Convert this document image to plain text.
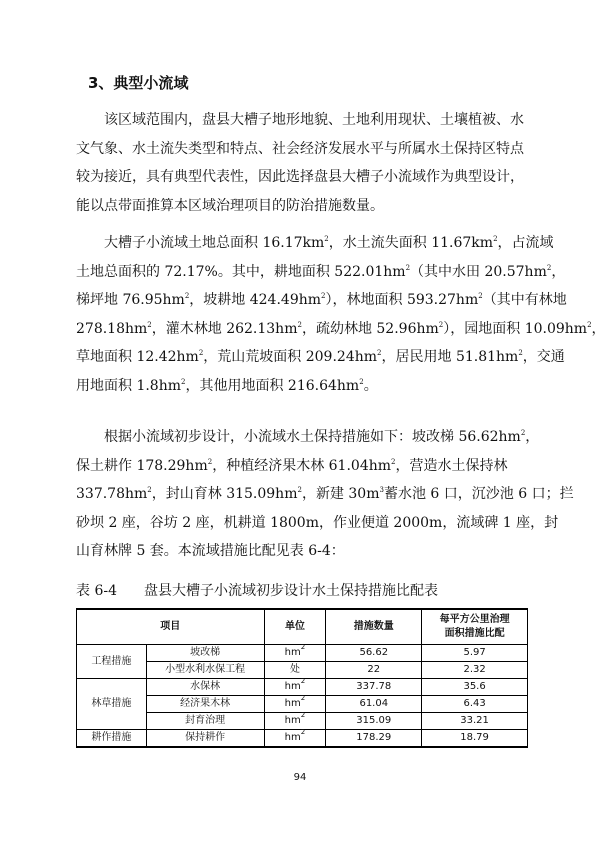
3、典型小流域
该区域范围内，盘县大槽子地形地貌、土地利用现状、土壤植被、水
文气象、水土流失类型和特点、社会经济发展水平与所属水土保持区特点
较为接近，具有典型代表性，因此选择盘县大槽子小流域作为典型设计，
能以点带面推算本区域治理项目的防治措施数量。
大槽子小流域土地总面积 $16.17km^2$，水土流失面积 $11.67km^2$，占流域
土地总面积的 72.17%。其中，耕地面积 $522.01hm^2$（其中水田 $20.57hm^2$，
梯坪地 $76.95hm^2$，坡耕地 $424.49hm^2$），林地面积 $593.27hm^2$（其中有林地
$278.18hm^2$，灌木林地 $262.13hm^2$，疏幼林地 $52.96hm^2$），园地面积 $10.09hm^2$，
草地面积 $12.42hm^2$，荒山荒坡面积 $209.24hm^2$，居民用地 $51.81hm^2$，交通
用地面积 $1.8hm^2$，其他用地面积 $216.64hm^2$。
根据小流域初步设计，小流域水土保持措施如下：坡改梯 $56.62hm^2$，
保土耕作 $178.29hm^2$，种植经济果木林 $61.04hm^2$，营造水土保持林
$337.78hm^2$，封山育林 $315.09hm^2$，新建 $30m^3$蓄水池 6 口，沉沙池 6 口；拦
砂坝 2 座，谷坊 2 座，机耕道 1800m，作业便道 2000m，流域碑 1 座，封
山育林牌 5 套。本流域措施比配见表 6-4：
表 6-4 盘县大槽子小流域初步设计水土保持措施比配表
项目		单位	措施数量	每平方公里治理
面积措施比配
工程措施	坡改梯	$hm^2$	56.62	5.97
	小型水利水保工程	处	22	2.32
林草措施	水保林	$hm^2$	337.78	35.6
	经济果木林	$hm^2$	61.04	6.43
	封育治理	$hm^2$	315.09	33.21
耕作措施	保持耕作	$hm^2$	178.29	18.79
94
